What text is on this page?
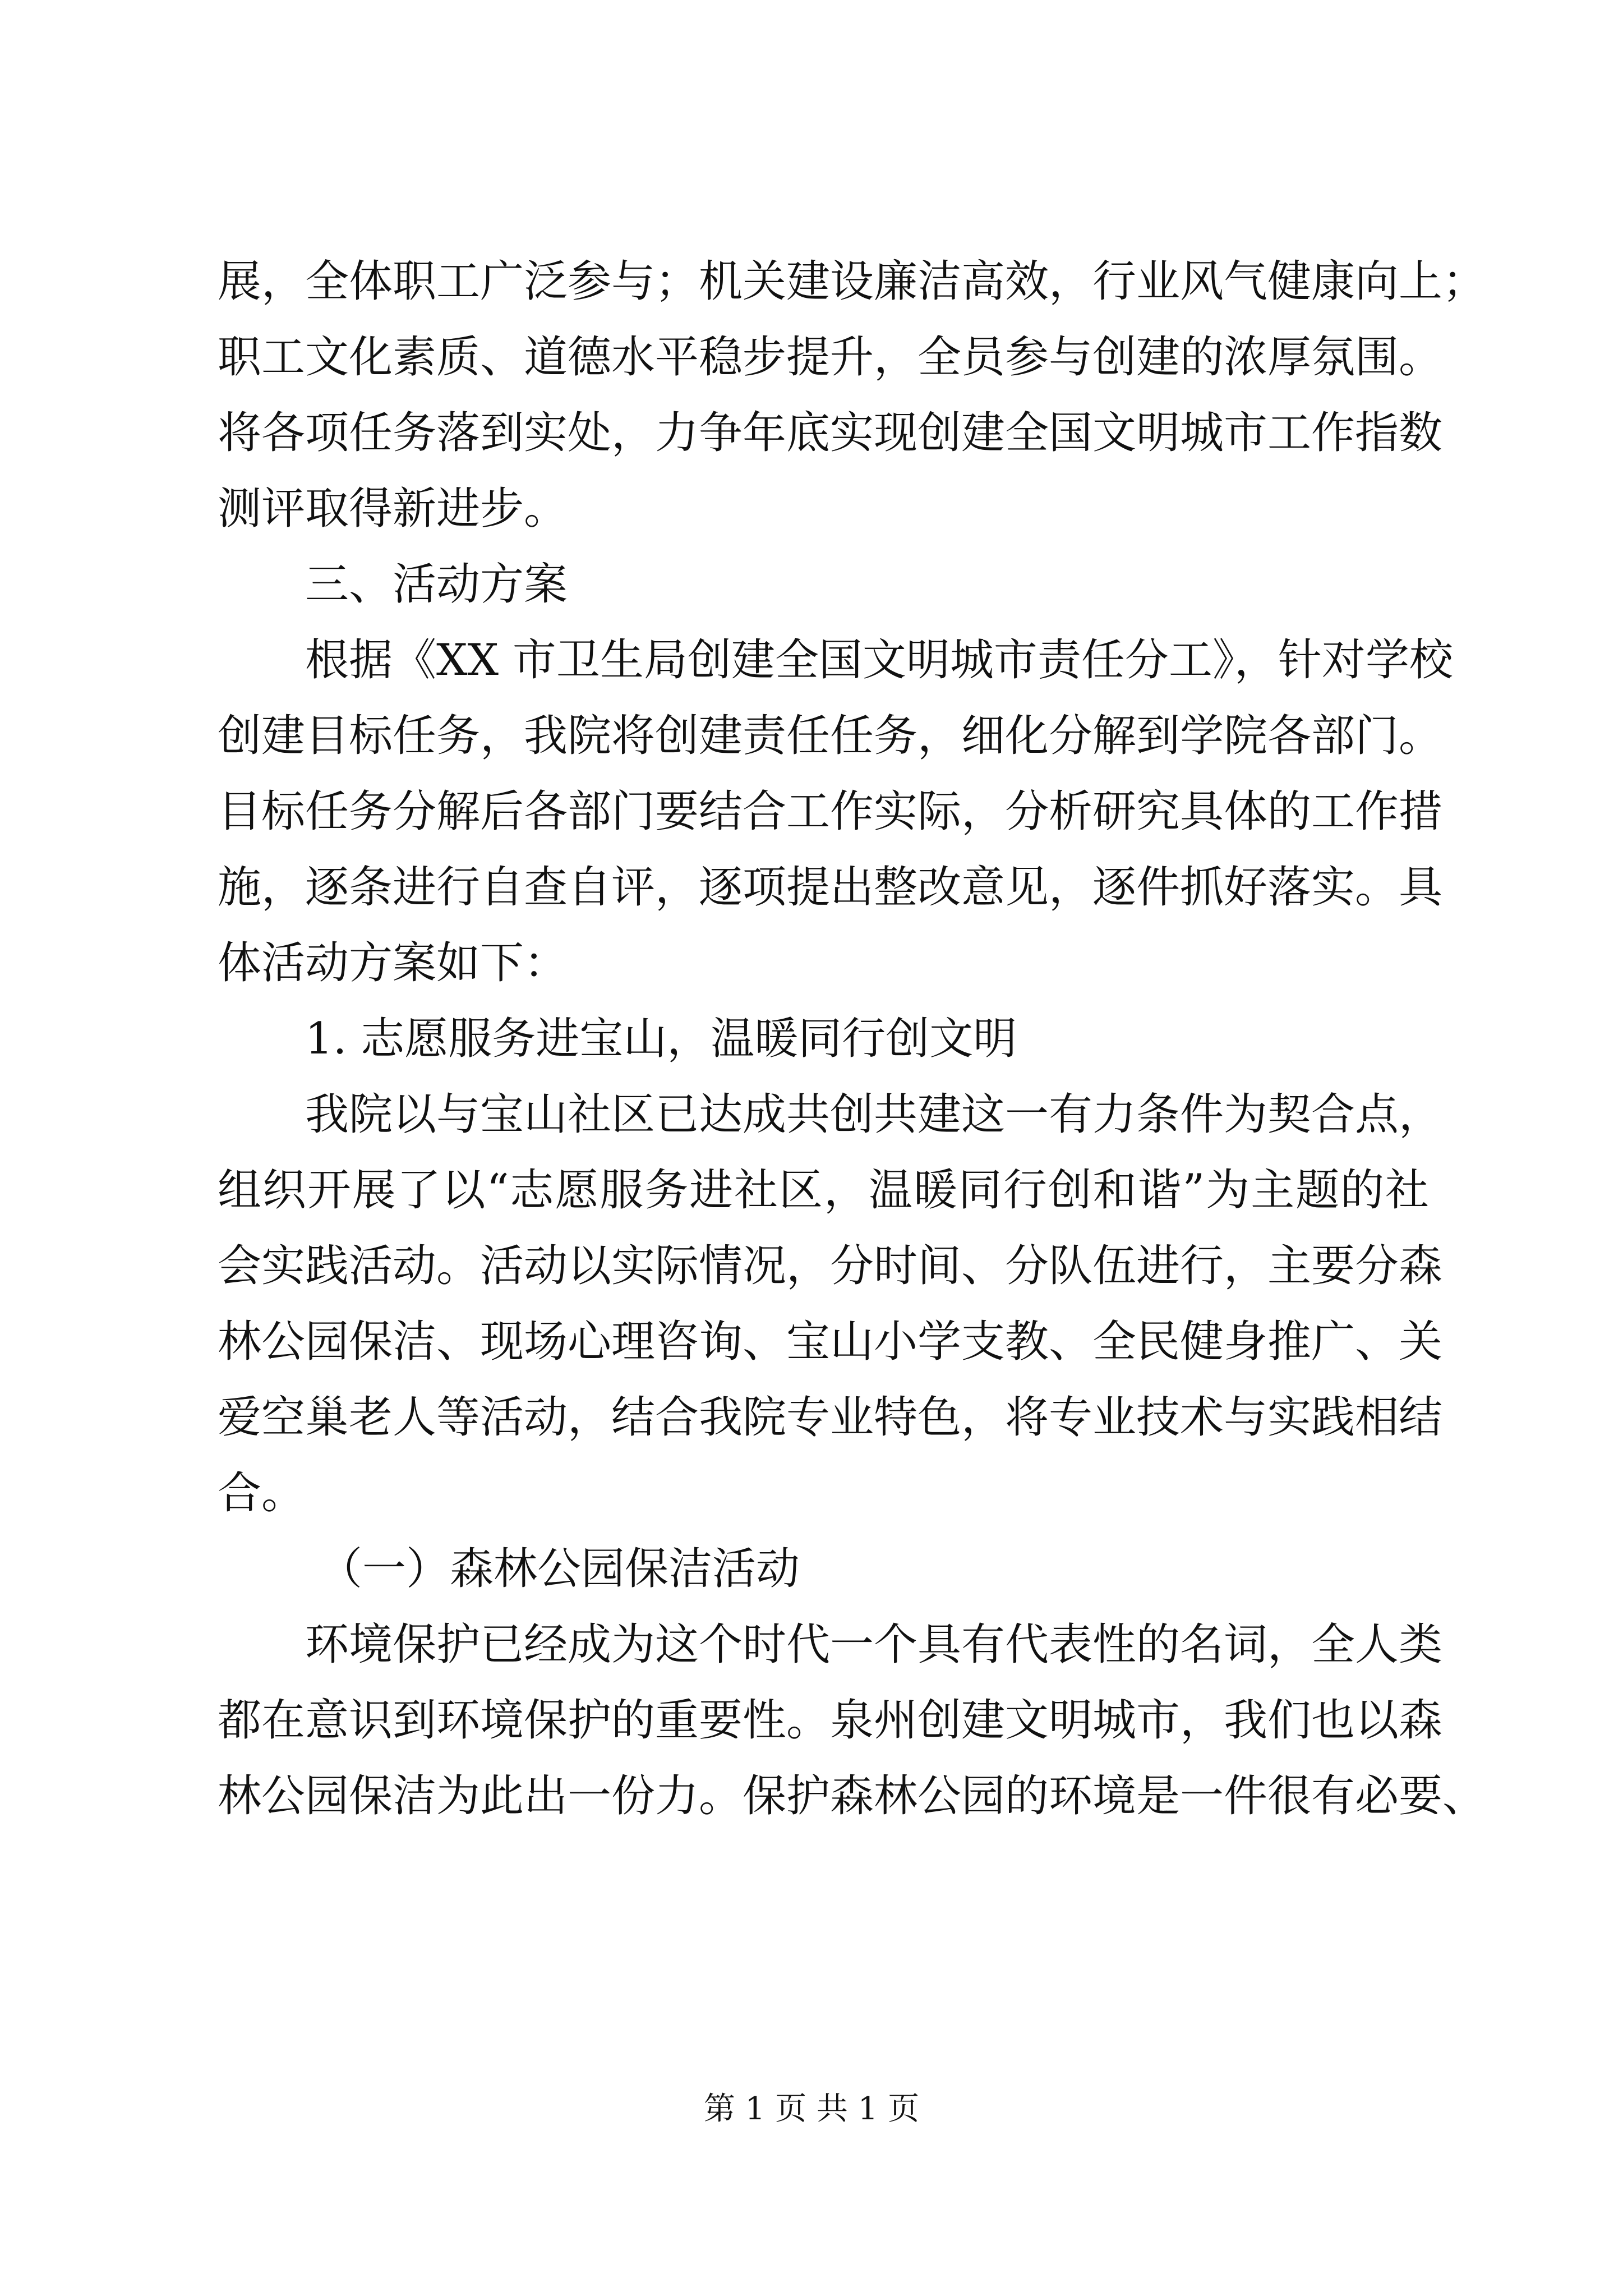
展，全体职工广泛参与；机关建设廉洁高效，行业风气健康向上；
职工文化素质、道德水平稳步提升，全员参与创建的浓厚氛围。
将各项任务落到实处，力争年底实现创建全国文明城市工作指数
测评取得新进步。
三、活动方案
根据《XX 市卫生局创建全国文明城市责任分工》，针对学校
创建目标任务，我院将创建责任任务，细化分解到学院各部门。
目标任务分解后各部门要结合工作实际，分析研究具体的工作措
施，逐条进行自查自评，逐项提出整改意见，逐件抓好落实。具
体活动方案如下：
1. 志愿服务进宝山，温暖同行创文明
我院以与宝山社区已达成共创共建这一有力条件为契合点，
组织开展了以“志愿服务进社区，温暖同行创和谐”为主题的社
会实践活动。活动以实际情况，分时间、分队伍进行，主要分森
林公园保洁、现场心理咨询、宝山小学支教、全民健身推广、关
爱空巢老人等活动，结合我院专业特色，将专业技术与实践相结
合。
（一）森林公园保洁活动
环境保护已经成为这个时代一个具有代表性的名词，全人类
都在意识到环境保护的重要性。泉州创建文明城市，我们也以森
林公园保洁为此出一份力。保护森林公园的环境是一件很有必要、
第 1 页 共 1 页
